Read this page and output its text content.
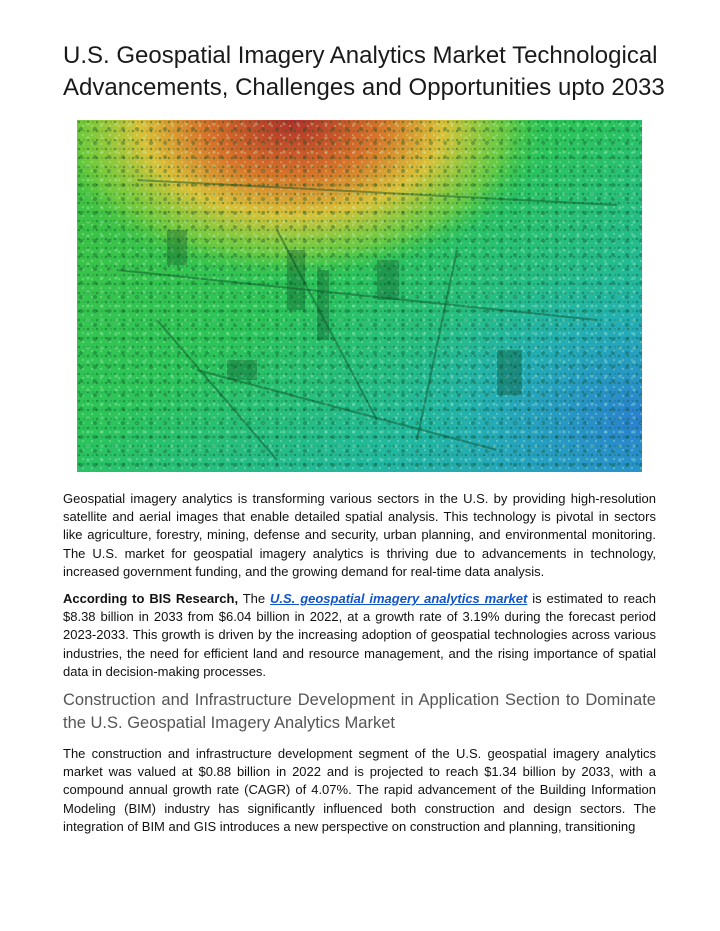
U.S. Geospatial Imagery Analytics Market Technological Advancements, Challenges and Opportunities upto 2033

Geospatial imagery analytics is transforming various sectors in the U.S. by providing high-resolution satellite and aerial images that enable detailed spatial analysis. This technology is pivotal in sectors like agriculture, forestry, mining, defense and security, urban planning, and environmental monitoring. The U.S. market for geospatial imagery analytics is thriving due to advancements in technology, increased government funding, and the growing demand for real-time data analysis.

According to BIS Research, The U.S. geospatial imagery analytics market is estimated to reach $8.38 billion in 2033 from $6.04 billion in 2022, at a growth rate of 3.19% during the forecast period 2023-2033. This growth is driven by the increasing adoption of geospatial technologies across various industries, the need for efficient land and resource management, and the rising importance of spatial data in decision-making processes.

Construction and Infrastructure Development in Application Section to Dominate the U.S. Geospatial Imagery Analytics Market

The construction and infrastructure development segment of the U.S. geospatial imagery analytics market was valued at $0.88 billion in 2022 and is projected to reach $1.34 billion by 2033, with a compound annual growth rate (CAGR) of 4.07%. The rapid advancement of the Building Information Modeling (BIM) industry has significantly influenced both construction and design sectors. The integration of BIM and GIS introduces a new perspective on construction and planning, transitioning
